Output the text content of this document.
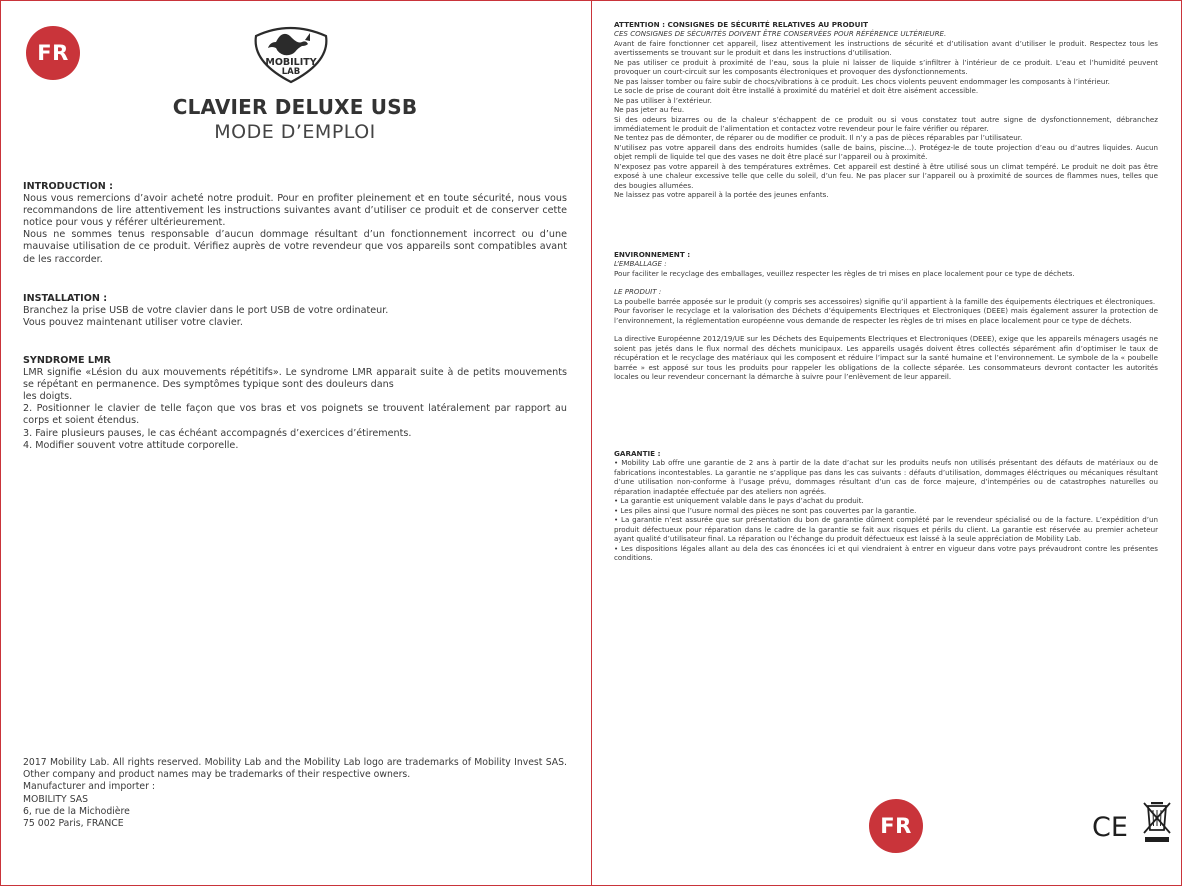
FR	MOBILITY
LAB
CLAVIER DELUXE USB
MODE D’EMPLOI
INTRODUCTION :

Nous vous remercions d’avoir acheté notre produit. Pour en profiter pleinement et en toute sécurité, nous vous recommandons de lire attentivement les instructions suivantes avant d’utiliser ce produit et de conserver cette notice pour vous y référer ultérieurement.

Nous ne sommes tenus responsable d’aucun dommage résultant d’un fonctionnement incorrect ou d’une mauvaise utilisation de ce produit. Vérifiez auprès de votre revendeur que vos appareils sont compatibles avant de les raccorder.

INSTALLATION :

Branchez la prise USB de votre clavier dans le port USB de votre ordinateur.

Vous pouvez maintenant utiliser votre clavier.

SYNDROME LMR

LMR signifie «Lésion du aux mouvements répétitifs». Le syndrome LMR apparait suite à de petits mouvements se répétant en permanence. Des symptômes typique sont des douleurs dans

les doigts.

2. Positionner le clavier de telle façon que vos bras et vos poignets se trouvent latéralement par rapport au corps et soient étendus.

3. Faire plusieurs pauses, le cas échéant accompagnés d’exercices d’étirements.

4. Modifier souvent votre attitude corporelle.

2017 Mobility Lab. All rights reserved. Mobility Lab and the Mobility Lab logo are trademarks of Mobility Invest SAS. Other company and product names may be trademarks of their respective owners.

Manufacturer and importer :

MOBILITY SAS

6, rue de la Michodière

75 002 Paris, FRANCE

ATTENTION : CONSIGNES DE SÉCURITÉ RELATIVES AU PRODUIT

CES CONSIGNES DE SÉCURITÉS DOIVENT ÊTRE CONSERVÉES POUR RÉFÉRENCE ULTÉRIEURE.

Avant de faire fonctionner cet appareil, lisez attentivement les instructions de sécurité et d’utilisation avant d’utiliser le produit. Respectez tous les avertissements se trouvant sur le produit et dans les instructions d’utilisation.

Ne pas utiliser ce produit à proximité de l’eau, sous la pluie ni laisser de liquide s’infiltrer à l’intérieur de ce produit. L’eau et l’humidité peuvent provoquer un court-circuit sur les composants électroniques et provoquer des dysfonctionnements.

Ne pas laisser tomber ou faire subir de chocs/vibrations à ce produit. Les chocs violents peuvent endommager les composants à l’intérieur.

Le socle de prise de courant doit être installé à proximité du matériel et doit être aisément accessible.

Ne pas utiliser à l’extérieur.

Ne pas jeter au feu.

Si des odeurs bizarres ou de la chaleur s’échappent de ce produit ou si vous constatez tout autre signe de dysfonctionnement, débranchez immédiatement le produit de l’alimentation et contactez votre revendeur pour le faire vérifier ou réparer.

Ne tentez pas de démonter, de réparer ou de modifier ce produit. Il n’y a pas de pièces réparables par l’utilisateur.

N’utilisez pas votre appareil dans des endroits humides (salle de bains, piscine...). Protégez-le de toute projection d’eau ou d’autres liquides. Aucun objet rempli de liquide tel que des vases ne doit être placé sur l’appareil ou à proximité.

N’exposez pas votre appareil à des températures extrêmes. Cet appareil est destiné à être utilisé sous un climat tempéré. Le produit ne doit pas être exposé à une chaleur excessive telle que celle du soleil, d’un feu. Ne pas placer sur l’appareil ou à proximité de sources de flammes nues, telles que des bougies allumées.

Ne laissez pas votre appareil à la portée des jeunes enfants.

ENVIRONNEMENT :

L’EMBALLAGE :

Pour faciliter le recyclage des emballages, veuillez respecter les règles de tri mises en place localement pour ce type de déchets.

LE PRODUIT :

La poubelle barrée apposée sur le produit (y compris ses accessoires) signifie qu’il appartient à la famille des équipements électriques et électroniques.

Pour favoriser le recyclage et la valorisation des Déchets d’équipements Electriques et Electroniques (DEEE) mais également assurer la protection de l’environnement, la réglementation européenne vous demande de respecter les règles de tri mises en place localement pour ce type de déchets.

La directive Européenne 2012/19/UE sur les Déchets des Equipements Electriques et Electroniques (DEEE), exige que les appareils ménagers usagés ne soient pas jetés dans le flux normal des déchets municipaux. Les appareils usagés doivent êtres collectés séparément afin d’optimiser le taux de récupération et le recyclage des matériaux qui les composent et réduire l’impact sur la santé humaine et l’environnement. Le symbole de la « poubelle barrée » est apposé sur tous les produits pour rappeler les obligations de la collecte séparée. Les consommateurs devront contacter les autorités locales ou leur revendeur concernant la démarche à suivre pour l’enlèvement de leur appareil.

GARANTIE :

• Mobility Lab offre une garantie de 2 ans à partir de la date d’achat sur les produits neufs non utilisés présentant des défauts de matériaux ou de fabrications incontestables. La garantie ne s’applique pas dans les cas suivants : défauts d’utilisation, dommages éléctriques ou mécaniques résultant d’une utilisation non-conforme à l’usage prévu, dommages résultant d’un cas de force majeure, d’intempéries ou de catastrophes naturelles ou réparation inadaptée effectuée par des ateliers non agréés.

• La garantie est uniquement valable dans le pays d’achat du produit.

• Les piles ainsi que l’usure normal des pièces ne sont pas couvertes par la garantie.

• La garantie n’est assurée que sur présentation du bon de garantie dûment complété par le revendeur spécialisé ou de la facture. L’expédition d’un produit défectueux pour réparation dans le cadre de la garantie se fait aux risques et périls du client. La garantie est réservée au premier acheteur ayant qualité d’utilisateur final. La réparation ou l’échange du produit défectueux est laissé à la seule appréciation de Mobility Lab.

• Les dispositions légales allant au dela des cas énoncées ici et qui viendraient à entrer en vigueur dans votre pays prévaudront contre les présentes conditions.

FR	CE
